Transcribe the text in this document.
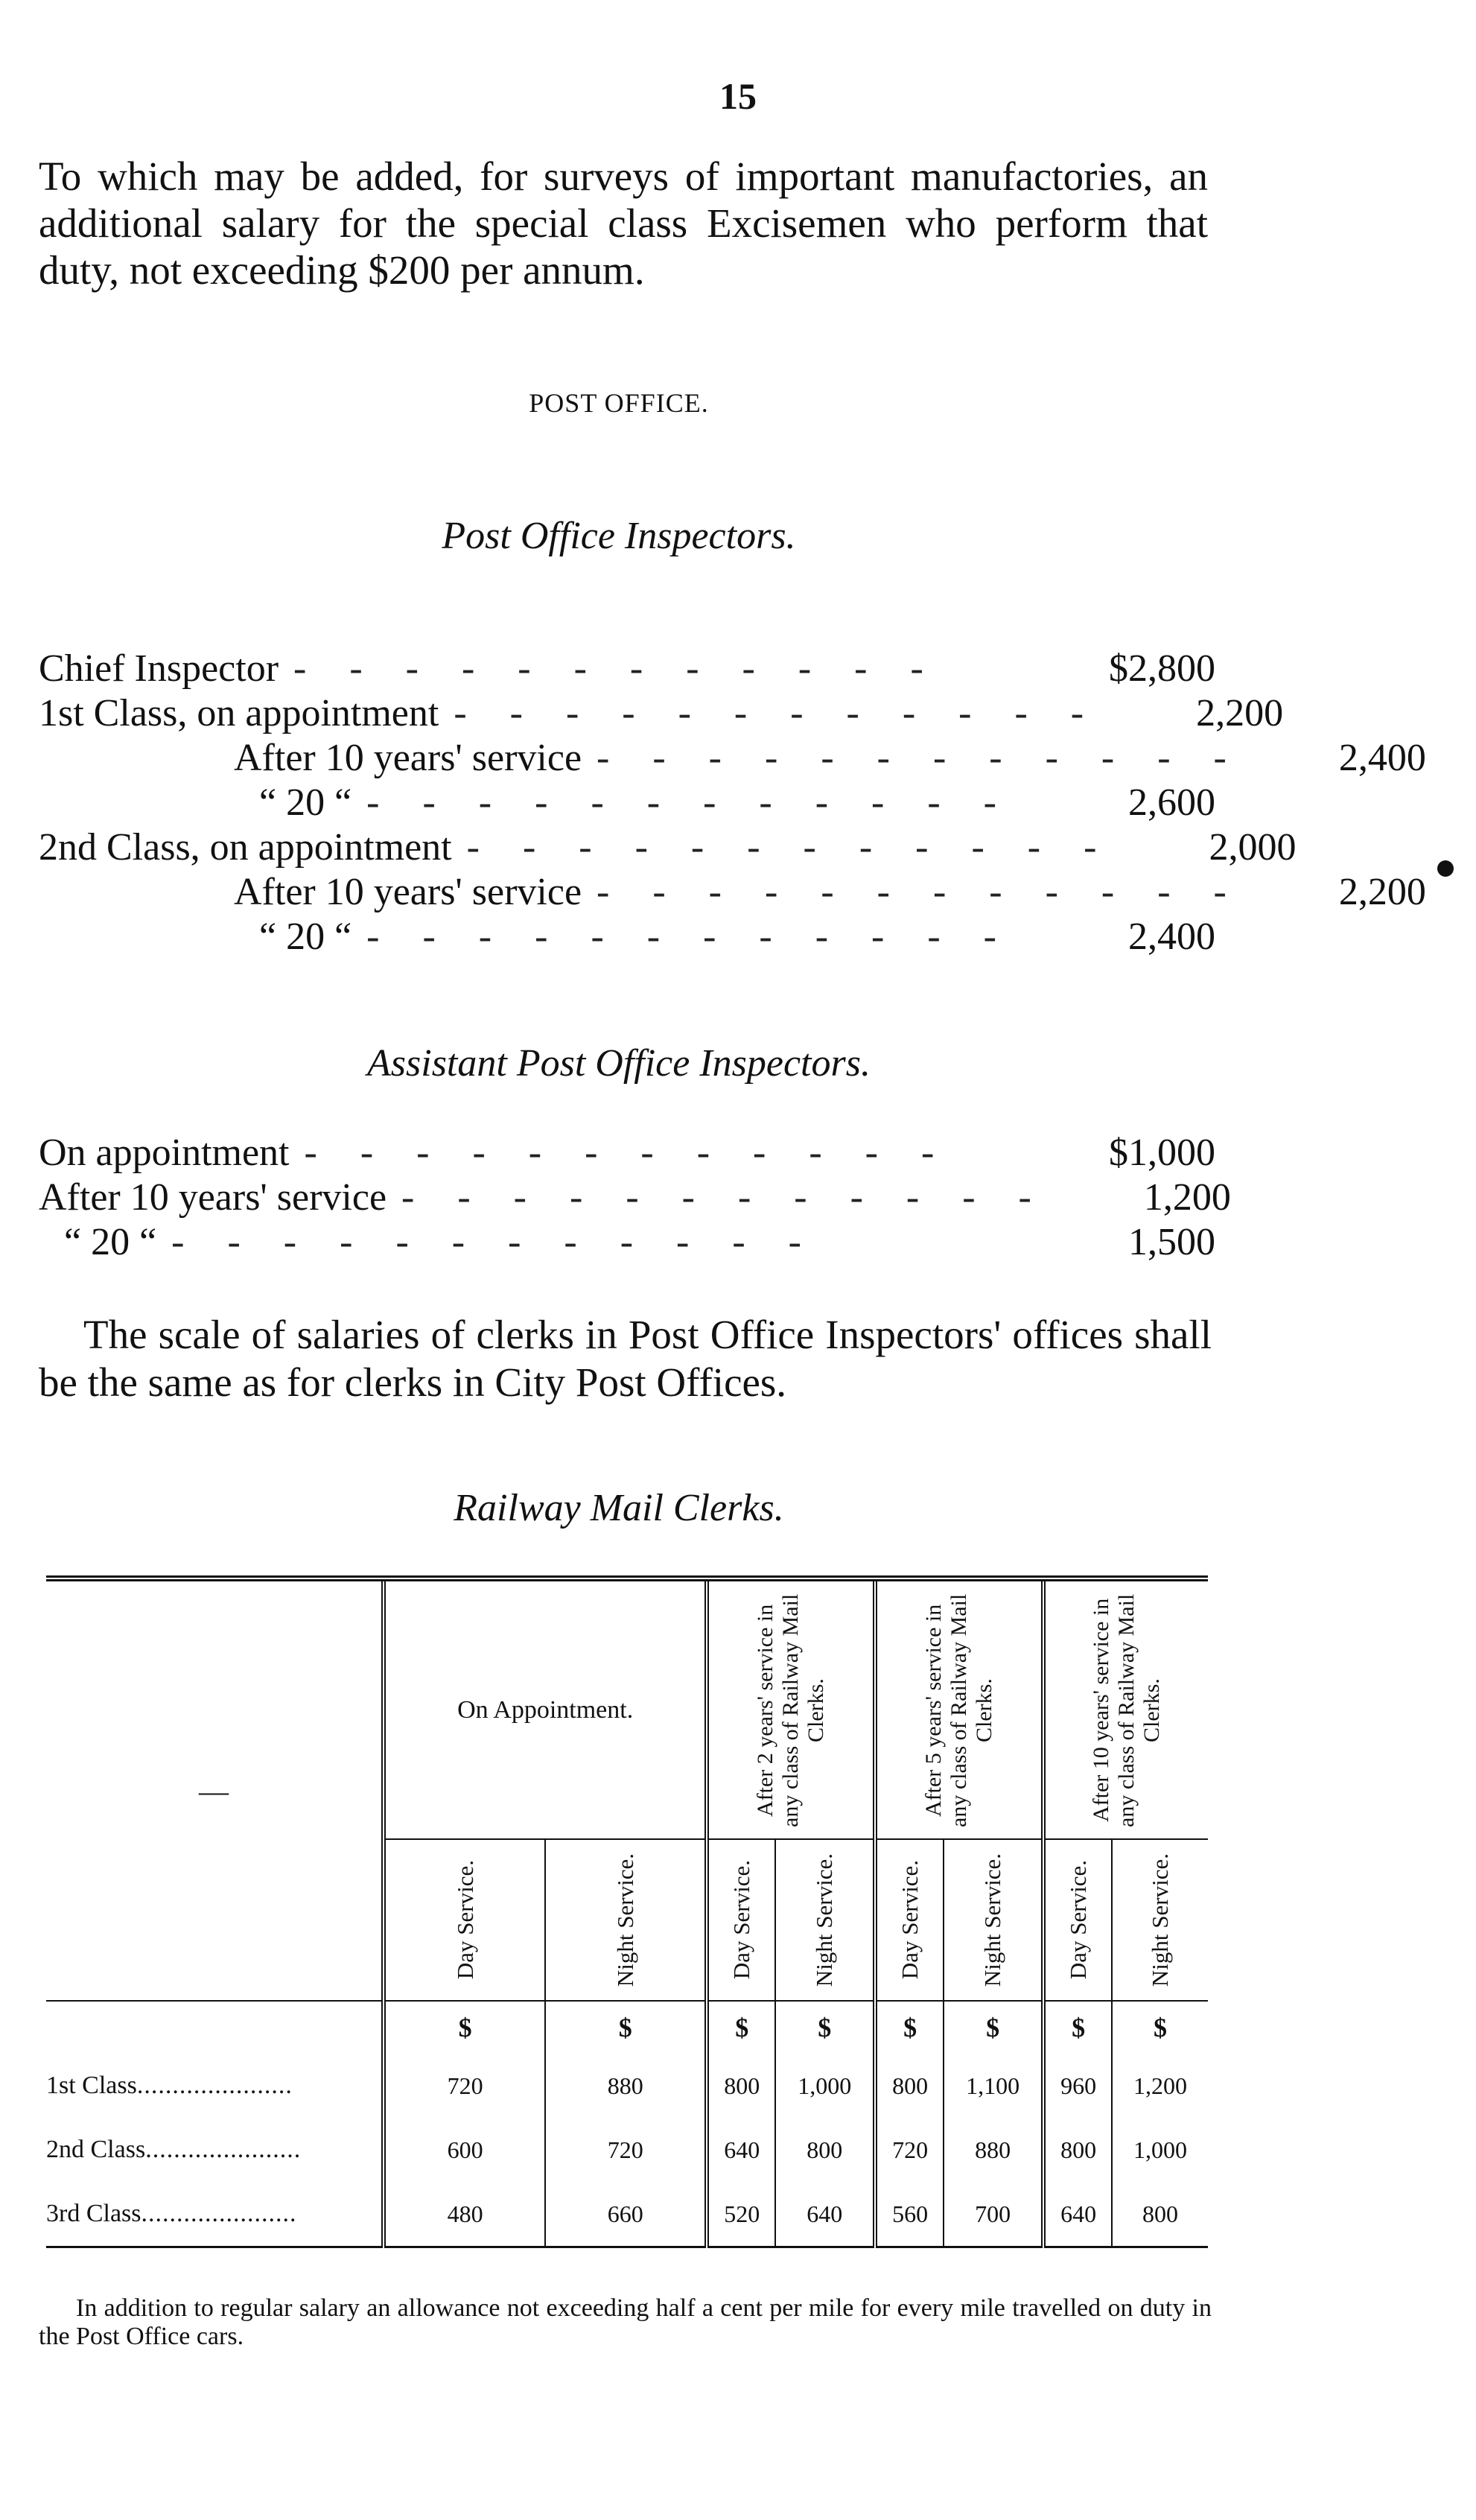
15

To which may be added, for surveys of important manufactories, an additional salary for the special class Excisemen who perform that duty, not exceeding $200 per annum.

POST OFFICE.
Post Office Inspectors.
Chief Inspector ------------	$2,800
1st Class, on appointment ------------	2,200
After 10 years' service ------------	2,400
“ 20 “ ------------	2,600
2nd Class, on appointment ------------	2,000
After 10 years' service ------------	2,200
“ 20 “ ------------	2,400
Assistant Post Office Inspectors.
On appointment ------------	$1,000
After 10 years' service ------------	1,200
“ 20 “ ------------	1,500

The scale of salaries of clerks in Post Office Inspectors' offices shall be the same as for clerks in City Post Offices.

Railway Mail Clerks.
—	On Appointment.		After 2 years' service in any class of Railway Mail Clerks.		After 5 years' service in any class of Railway Mail Clerks.		After 10 years' service in any class of Railway Mail Clerks.	

	Day Service.	Night Service.	Day Service.	Night Service.	Day Service.	Night Service.	Day Service.	Night Service.

	$	$	$	$	$	$	$	$
1st Class......................	720	880	800	1,000	800	1,100	960	1,200
2nd Class......................	600	720	640	800	720	880	800	1,000
3rd Class......................	480	660	520	640	560	700	640	800

In addition to regular salary an allowance not exceeding half a cent per mile for every mile travelled on duty in the Post Office cars.
